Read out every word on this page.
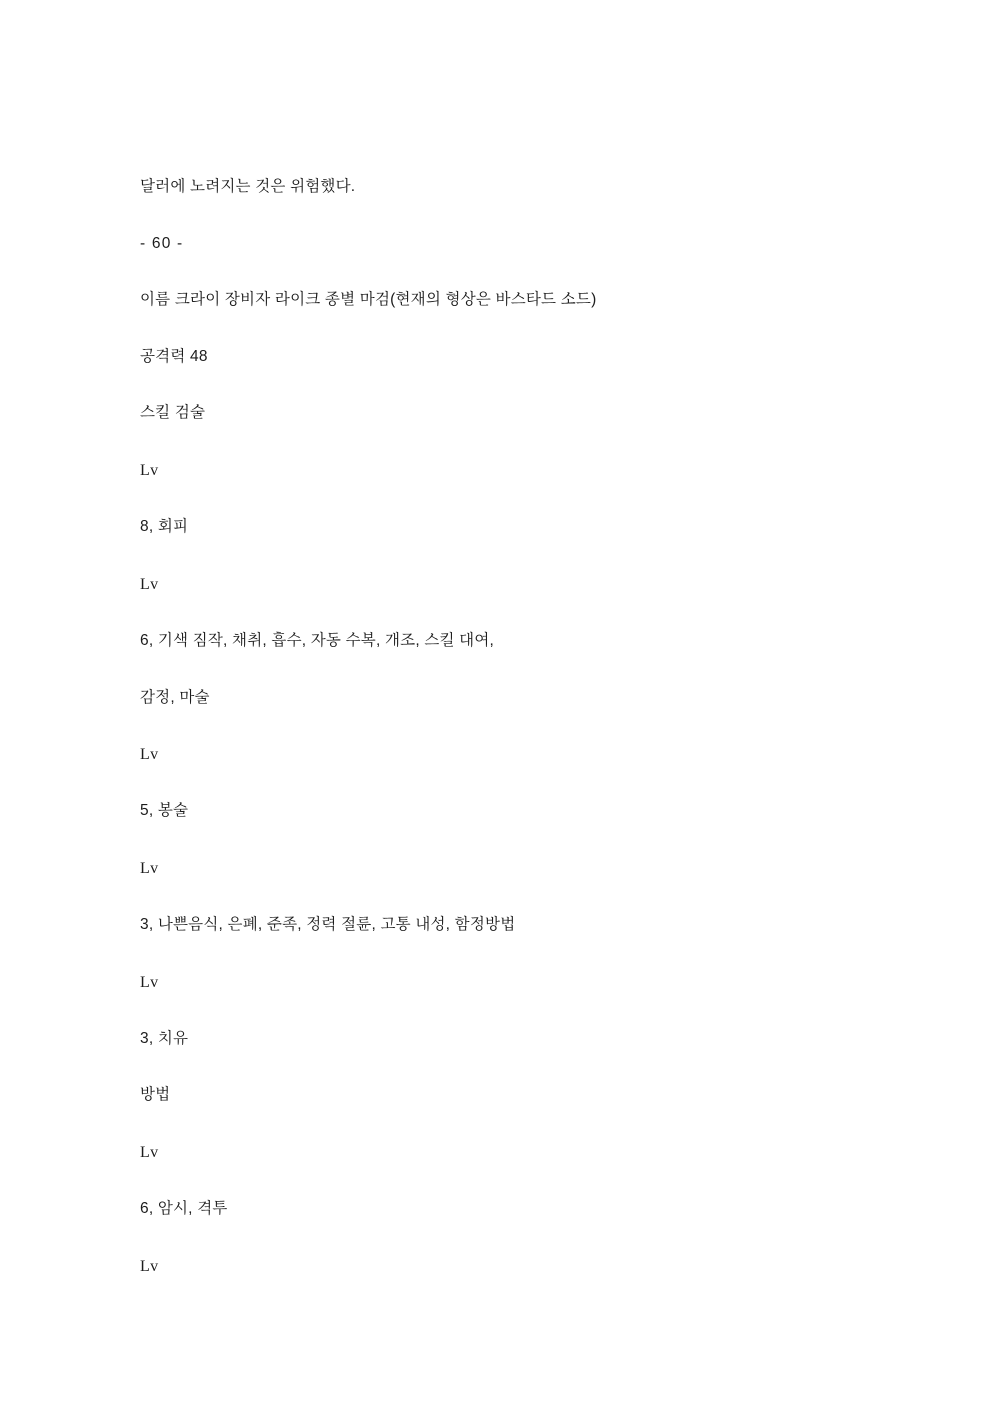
달러에 노려지는 것은 위험했다.

- 60 -

이름 크라이 장비자 라이크 종별 마검(현재의 형상은 바스타드 소드)

공격력 48

스킬 검술

Lv

8, 회피

Lv

6, 기색 짐작, 채취, 흡수, 자동 수복, 개조, 스킬 대여,

감정, 마술

Lv

5, 봉술

Lv

3, 나쁜음식, 은폐, 준족, 정력 절륜, 고통 내성, 함정방법

Lv

3, 치유

방법

Lv

6, 암시, 격투

Lv
